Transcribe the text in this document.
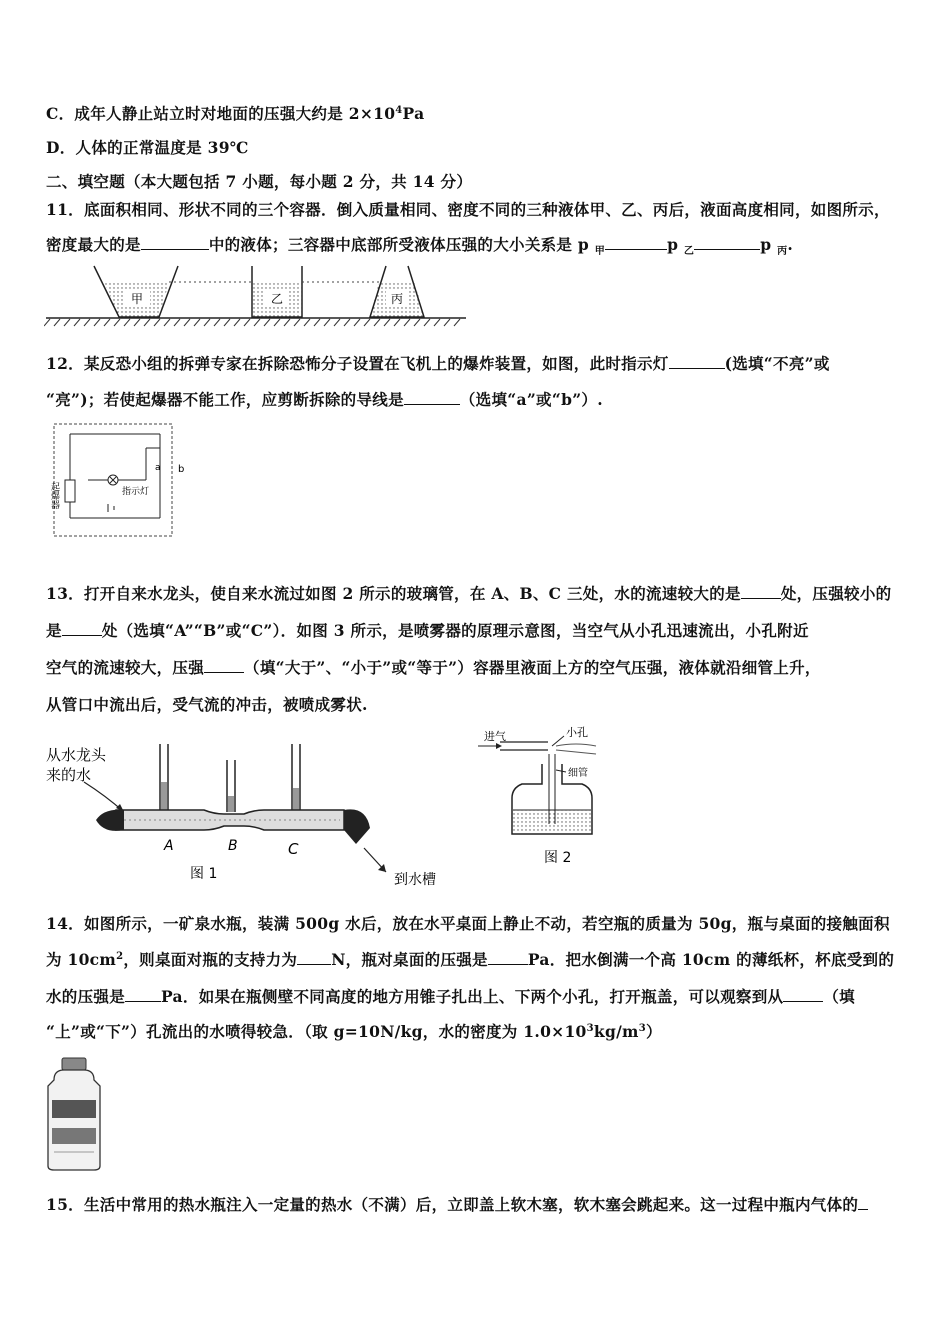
C．成年人静止站立时对地面的压强大约是 $2\times 10^4Pa$
D．人体的正常温度是 39℃
二、填空题（本大题包括 7 小题，每小题 2 分，共 14 分）
11．底面积相同、形状不同的三个容器．倒入质量相同、密度不同的三种液体甲、乙、丙后，液面高度相同，如图所示，
密度最大的是	中的液体；三容器中底部所受液体压强的大小关系是 p $_甲$	p $_乙$	p $_丙$.
甲	乙	丙
12．某反恐小组的拆弹专家在拆除恐怖分子设置在飞机上的爆炸装置，如图，此时指示灯	(选填“不亮”或
“亮”)；若使起爆器不能工作，应剪断拆除的导线是	（选填“a”或“b”）.
a b
指示灯
起爆器
13．打开自来水龙头，使自来水流过如图 2 所示的玻璃管，在 A、B、C 三处，水的流速较大的是	处，压强较小的
是	处（选填“A”“B”或“C”）．如图 3 所示，是喷雾器的原理示意图，当空气从小孔迅速流出，小孔附近
空气的流速较大，压强	（填“大于”、“小于”或“等于”）容器里液面上方的空气压强，液体就沿细管上升，
从管口中流出后，受气流的冲击，被喷成雾状.
从水龙头
来的水
A	B	C
图 1	到水槽
进气	小孔
细管
图 2
14．如图所示，一矿泉水瓶，装满 500g 水后，放在水平桌面上静止不动，若空瓶的质量为 50g，瓶与桌面的接触面积
为 $10cm^2$，则桌面对瓶的支持力为 N，瓶对桌面的压强是	Pa．把水倒满一个高 10cm 的薄纸杯，杯底受到的
水的压强是 Pa．如果在瓶侧壁不同高度的地方用锥子扎出上、下两个小孔，打开瓶盖，可以观察到从	（填
“上”或“下”）孔流出的水喷得较急．（取 g=10N/kg，水的密度为 $1.0\times 10^3kg/m^3$）
15．生活中常用的热水瓶注入一定量的热水（不满）后，立即盖上软木塞，软木塞会跳起来。这一过程中瓶内气体的
